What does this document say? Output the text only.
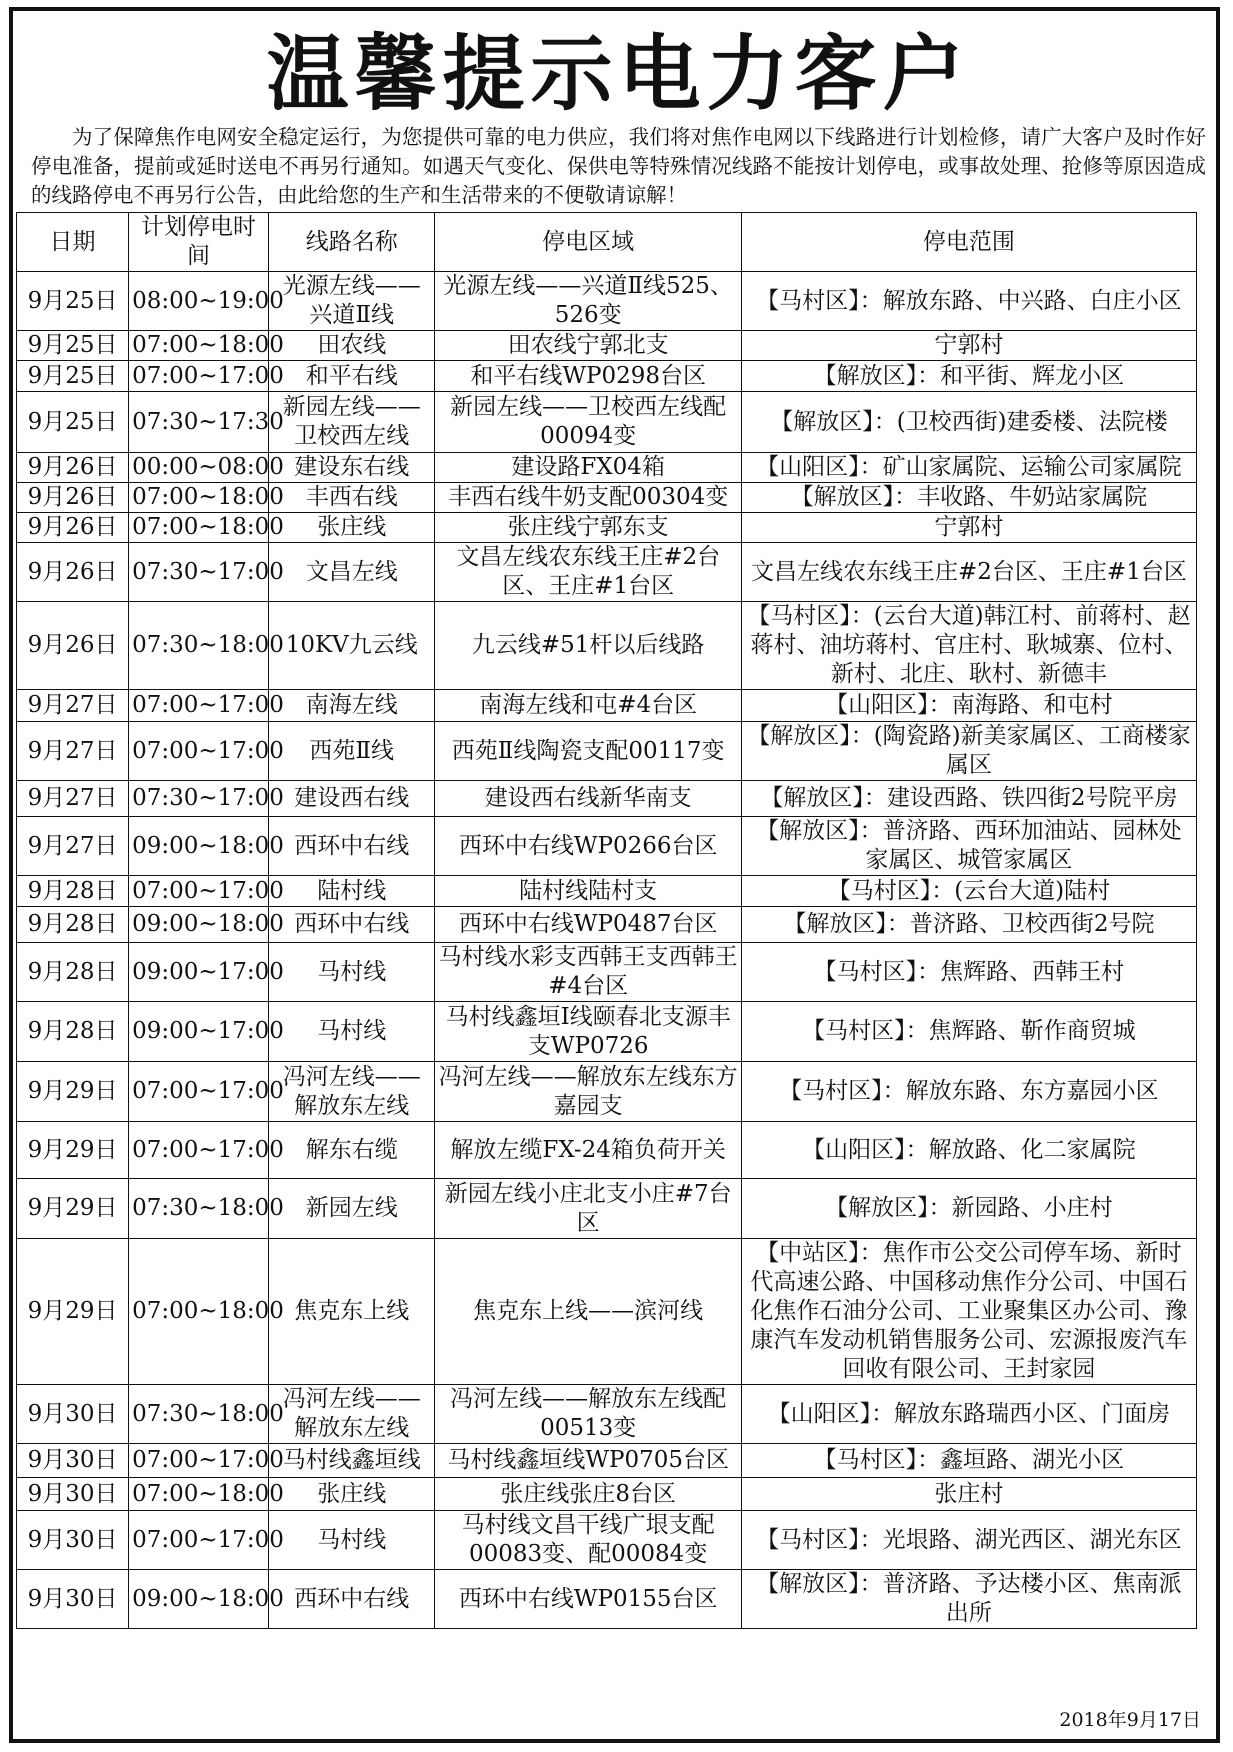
温馨提示电力客户
为了保障焦作电网安全稳定运行，为您提供可靠的电力供应，我们将对焦作电网以下线路进行计划检修，请广大客户及时作好停电准备，提前或延时送电不再另行通知。如遇天气变化、保供电等特殊情况线路不能按计划停电，或事故处理、抢修等原因造成的线路停电不再另行公告，由此给您的生产和生活带来的不便敬请谅解！
日期	计划停电时间	线路名称	停电区域	停电范围
9月25日	08:00~19:00	光源左线——兴道Ⅱ线	光源左线——兴道Ⅱ线525、526变	【马村区】：解放东路、中兴路、白庄小区
9月25日	07:00~18:00	田农线	田农线宁郭北支	宁郭村
9月25日	07:00~17:00	和平右线	和平右线WP0298台区	【解放区】：和平街、辉龙小区
9月25日	07:30~17:30	新园左线——卫校西左线	新园左线——卫校西左线配00094变	【解放区】：(卫校西街)建委楼、法院楼
9月26日	00:00~08:00	建设东右线	建设路FX04箱	【山阳区】：矿山家属院、运输公司家属院
9月26日	07:00~18:00	丰西右线	丰西右线牛奶支配00304变	【解放区】：丰收路、牛奶站家属院
9月26日	07:00~18:00	张庄线	张庄线宁郭东支	宁郭村
9月26日	07:30~17:00	文昌左线	文昌左线农东线王庄#2台区、王庄#1台区	文昌左线农东线王庄#2台区、王庄#1台区
9月26日	07:30~18:00	10KV九云线	九云线#51杆以后线路	【马村区】：(云台大道)韩江村、前蒋村、赵蒋村、油坊蒋村、官庄村、耿城寨、位村、新村、北庄、耿村、新德丰
9月27日	07:00~17:00	南海左线	南海左线和屯#4台区	【山阳区】：南海路、和屯村
9月27日	07:00~17:00	西苑Ⅱ线	西苑Ⅱ线陶瓷支配00117变	【解放区】：(陶瓷路)新美家属区、工商楼家属区
9月27日	07:30~17:00	建设西右线	建设西右线新华南支	【解放区】：建设西路、铁四街2号院平房
9月27日	09:00~18:00	西环中右线	西环中右线WP0266台区	【解放区】：普济路、西环加油站、园林处家属区、城管家属区
9月28日	07:00~17:00	陆村线	陆村线陆村支	【马村区】：(云台大道)陆村
9月28日	09:00~18:00	西环中右线	西环中右线WP0487台区	【解放区】：普济路、卫校西街2号院
9月28日	09:00~17:00	马村线	马村线水彩支西韩王支西韩王#4台区	【马村区】：焦辉路、西韩王村
9月28日	09:00~17:00	马村线	马村线鑫垣Ⅰ线颐春北支源丰支WP0726	【马村区】：焦辉路、靳作商贸城
9月29日	07:00~17:00	冯河左线——解放东左线	冯河左线——解放东左线东方嘉园支	【马村区】：解放东路、东方嘉园小区
9月29日	07:00~17:00	解东右缆	解放左缆FX-24箱负荷开关	【山阳区】：解放路、化二家属院
9月29日	07:30~18:00	新园左线	新园左线小庄北支小庄#7台区	【解放区】：新园路、小庄村
9月29日	07:00~18:00	焦克东上线	焦克东上线——滨河线	【中站区】：焦作市公交公司停车场、新时代高速公路、中国移动焦作分公司、中国石化焦作石油分公司、工业聚集区办公司、豫康汽车发动机销售服务公司、宏源报废汽车回收有限公司、王封家园
9月30日	07:30~18:00	冯河左线——解放东左线	冯河左线——解放东左线配00513变	【山阳区】：解放东路瑞西小区、门面房
9月30日	07:00~17:00	马村线鑫垣线	马村线鑫垣线WP0705台区	【马村区】：鑫垣路、湖光小区
9月30日	07:00~18:00	张庄线	张庄线张庄8台区	张庄村
9月30日	07:00~17:00	马村线	马村线文昌干线广垠支配00083变、配00084变	【马村区】：光垠路、湖光西区、湖光东区
9月30日	09:00~18:00	西环中右线	西环中右线WP0155台区	【解放区】：普济路、予达楼小区、焦南派出所
2018年9月17日
